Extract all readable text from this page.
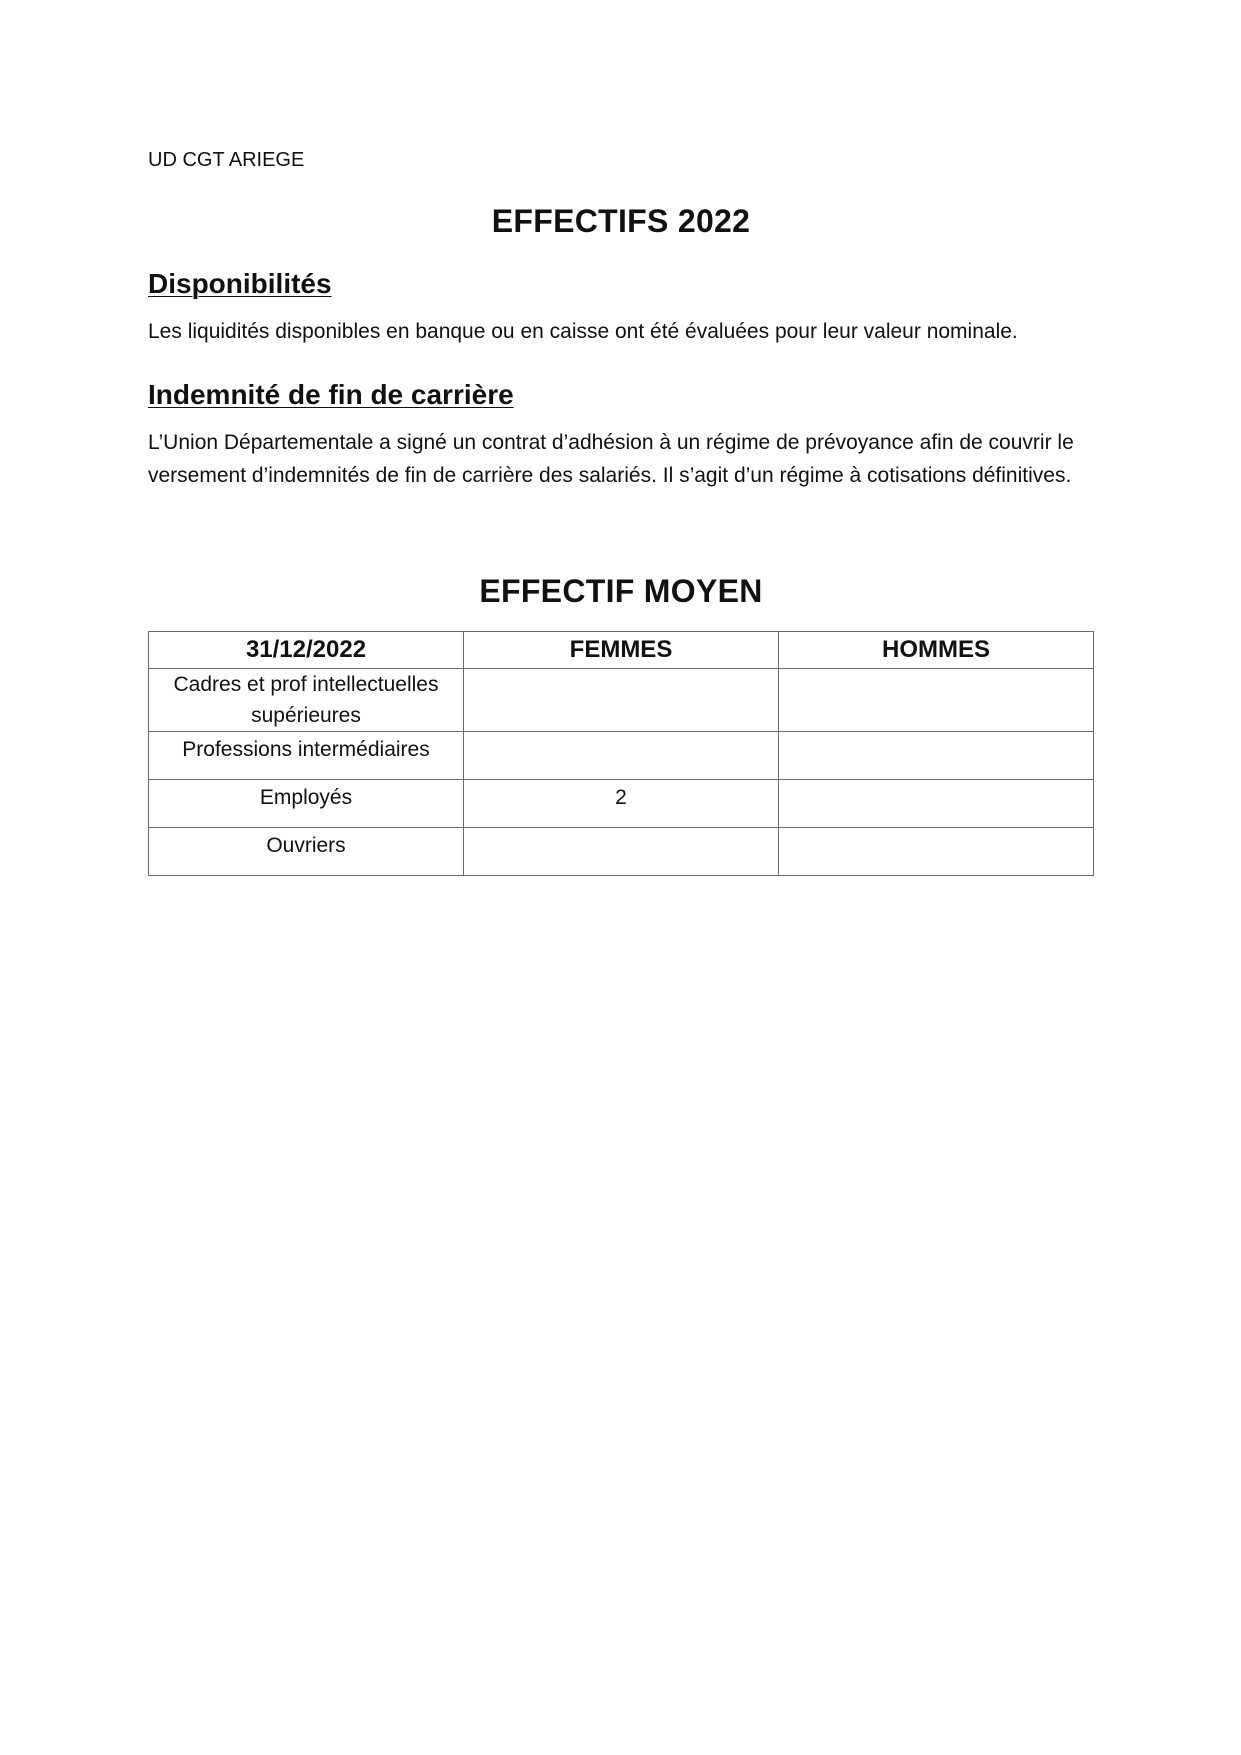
UD CGT ARIEGE

EFFECTIFS 2022
Disponibilités

Les liquidités disponibles en banque ou en caisse ont été évaluées pour leur valeur nominale.

Indemnité de fin de carrière

L’Union Départementale a signé un contrat d’adhésion à un régime de prévoyance afin de couvrir le versement d’indemnités de fin de carrière des salariés. Il s’agit d’un régime à cotisations définitives.

EFFECTIF MOYEN
31/12/2022	FEMMES	HOMMES
Cadres et prof intellectuelles supérieures		
Professions intermédiaires		
Employés	2	
Ouvriers		
